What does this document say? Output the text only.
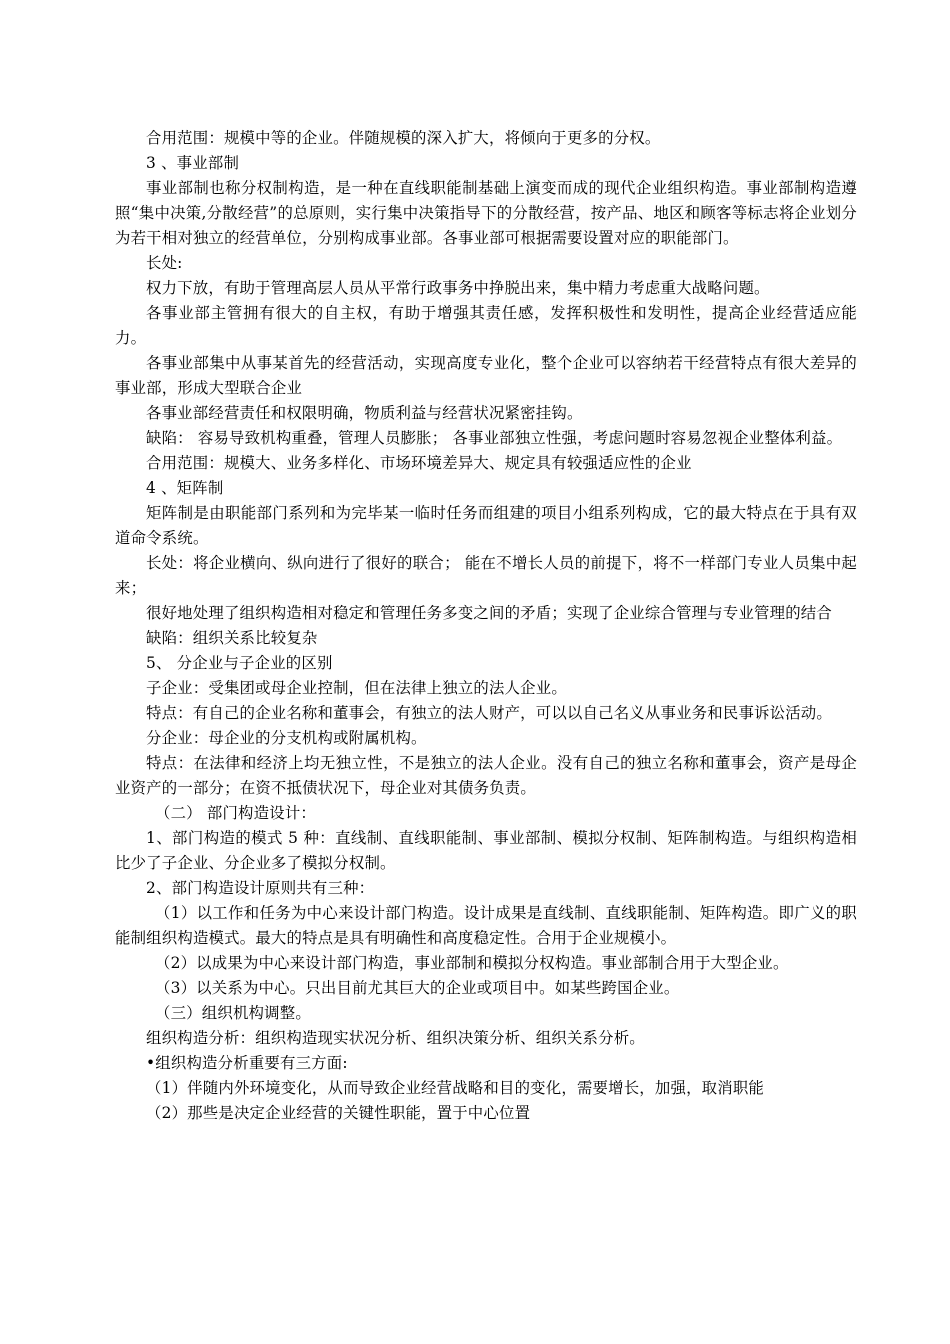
合用范围：规模中等的企业。伴随规模的深入扩大，将倾向于更多的分权。

3 、事业部制

事业部制也称分权制构造，是一种在直线职能制基础上演变而成的现代企业组织构造。事业部制构造遵照“集中决策,分散经营”的总原则，实行集中决策指导下的分散经营，按产品、地区和顾客等标志将企业划分为若干相对独立的经营单位，分别构成事业部。各事业部可根据需要设置对应的职能部门。

长处:

权力下放，有助于管理高层人员从平常行政事务中挣脱出来，集中精力考虑重大战略问题。

各事业部主管拥有很大的自主权，有助于增强其责任感，发挥积极性和发明性，提高企业经营适应能力。

各事业部集中从事某首先的经营活动，实现高度专业化，整个企业可以容纳若干经营特点有很大差异的事业部，形成大型联合企业

各事业部经营责任和权限明确，物质利益与经营状况紧密挂钩。

缺陷： 容易导致机构重叠，管理人员膨胀； 各事业部独立性强，考虑问题时容易忽视企业整体利益。

合用范围：规模大、业务多样化、市场环境差异大、规定具有较强适应性的企业

4 、矩阵制

矩阵制是由职能部门系列和为完毕某一临时任务而组建的项目小组系列构成，它的最大特点在于具有双道命令系统。

长处：将企业横向、纵向进行了很好的联合； 能在不增长人员的前提下，将不一样部门专业人员集中起来；

很好地处理了组织构造相对稳定和管理任务多变之间的矛盾；实现了企业综合管理与专业管理的结合

缺陷：组织关系比较复杂

5、 分企业与子企业的区别

子企业：受集团或母企业控制，但在法律上独立的法人企业。

特点：有自己的企业名称和董事会，有独立的法人财产，可以以自己名义从事业务和民事诉讼活动。

分企业：母企业的分支机构或附属机构。

特点：在法律和经济上均无独立性，不是独立的法人企业。没有自己的独立名称和董事会，资产是母企业资产的一部分；在资不抵债状况下，母企业对其债务负责。

（二） 部门构造设计：

1、部门构造的模式 5 种：直线制、直线职能制、事业部制、模拟分权制、矩阵制构造。与组织构造相比少了子企业、分企业多了模拟分权制。

2、部门构造设计原则共有三种：

（1）以工作和任务为中心来设计部门构造。设计成果是直线制、直线职能制、矩阵构造。即广义的职能制组织构造模式。最大的特点是具有明确性和高度稳定性。合用于企业规模小。

（2）以成果为中心来设计部门构造，事业部制和模拟分权构造。事业部制合用于大型企业。

（3）以关系为中心。只出目前尤其巨大的企业或项目中。如某些跨国企业。

（三）组织机构调整。

组织构造分析：组织构造现实状况分析、组织决策分析、组织关系分析。

•组织构造分析重要有三方面:

（1）伴随内外环境变化，从而导致企业经营战略和目的变化，需要增长，加强，取消职能

（2）那些是决定企业经营的关键性职能，置于中心位置
